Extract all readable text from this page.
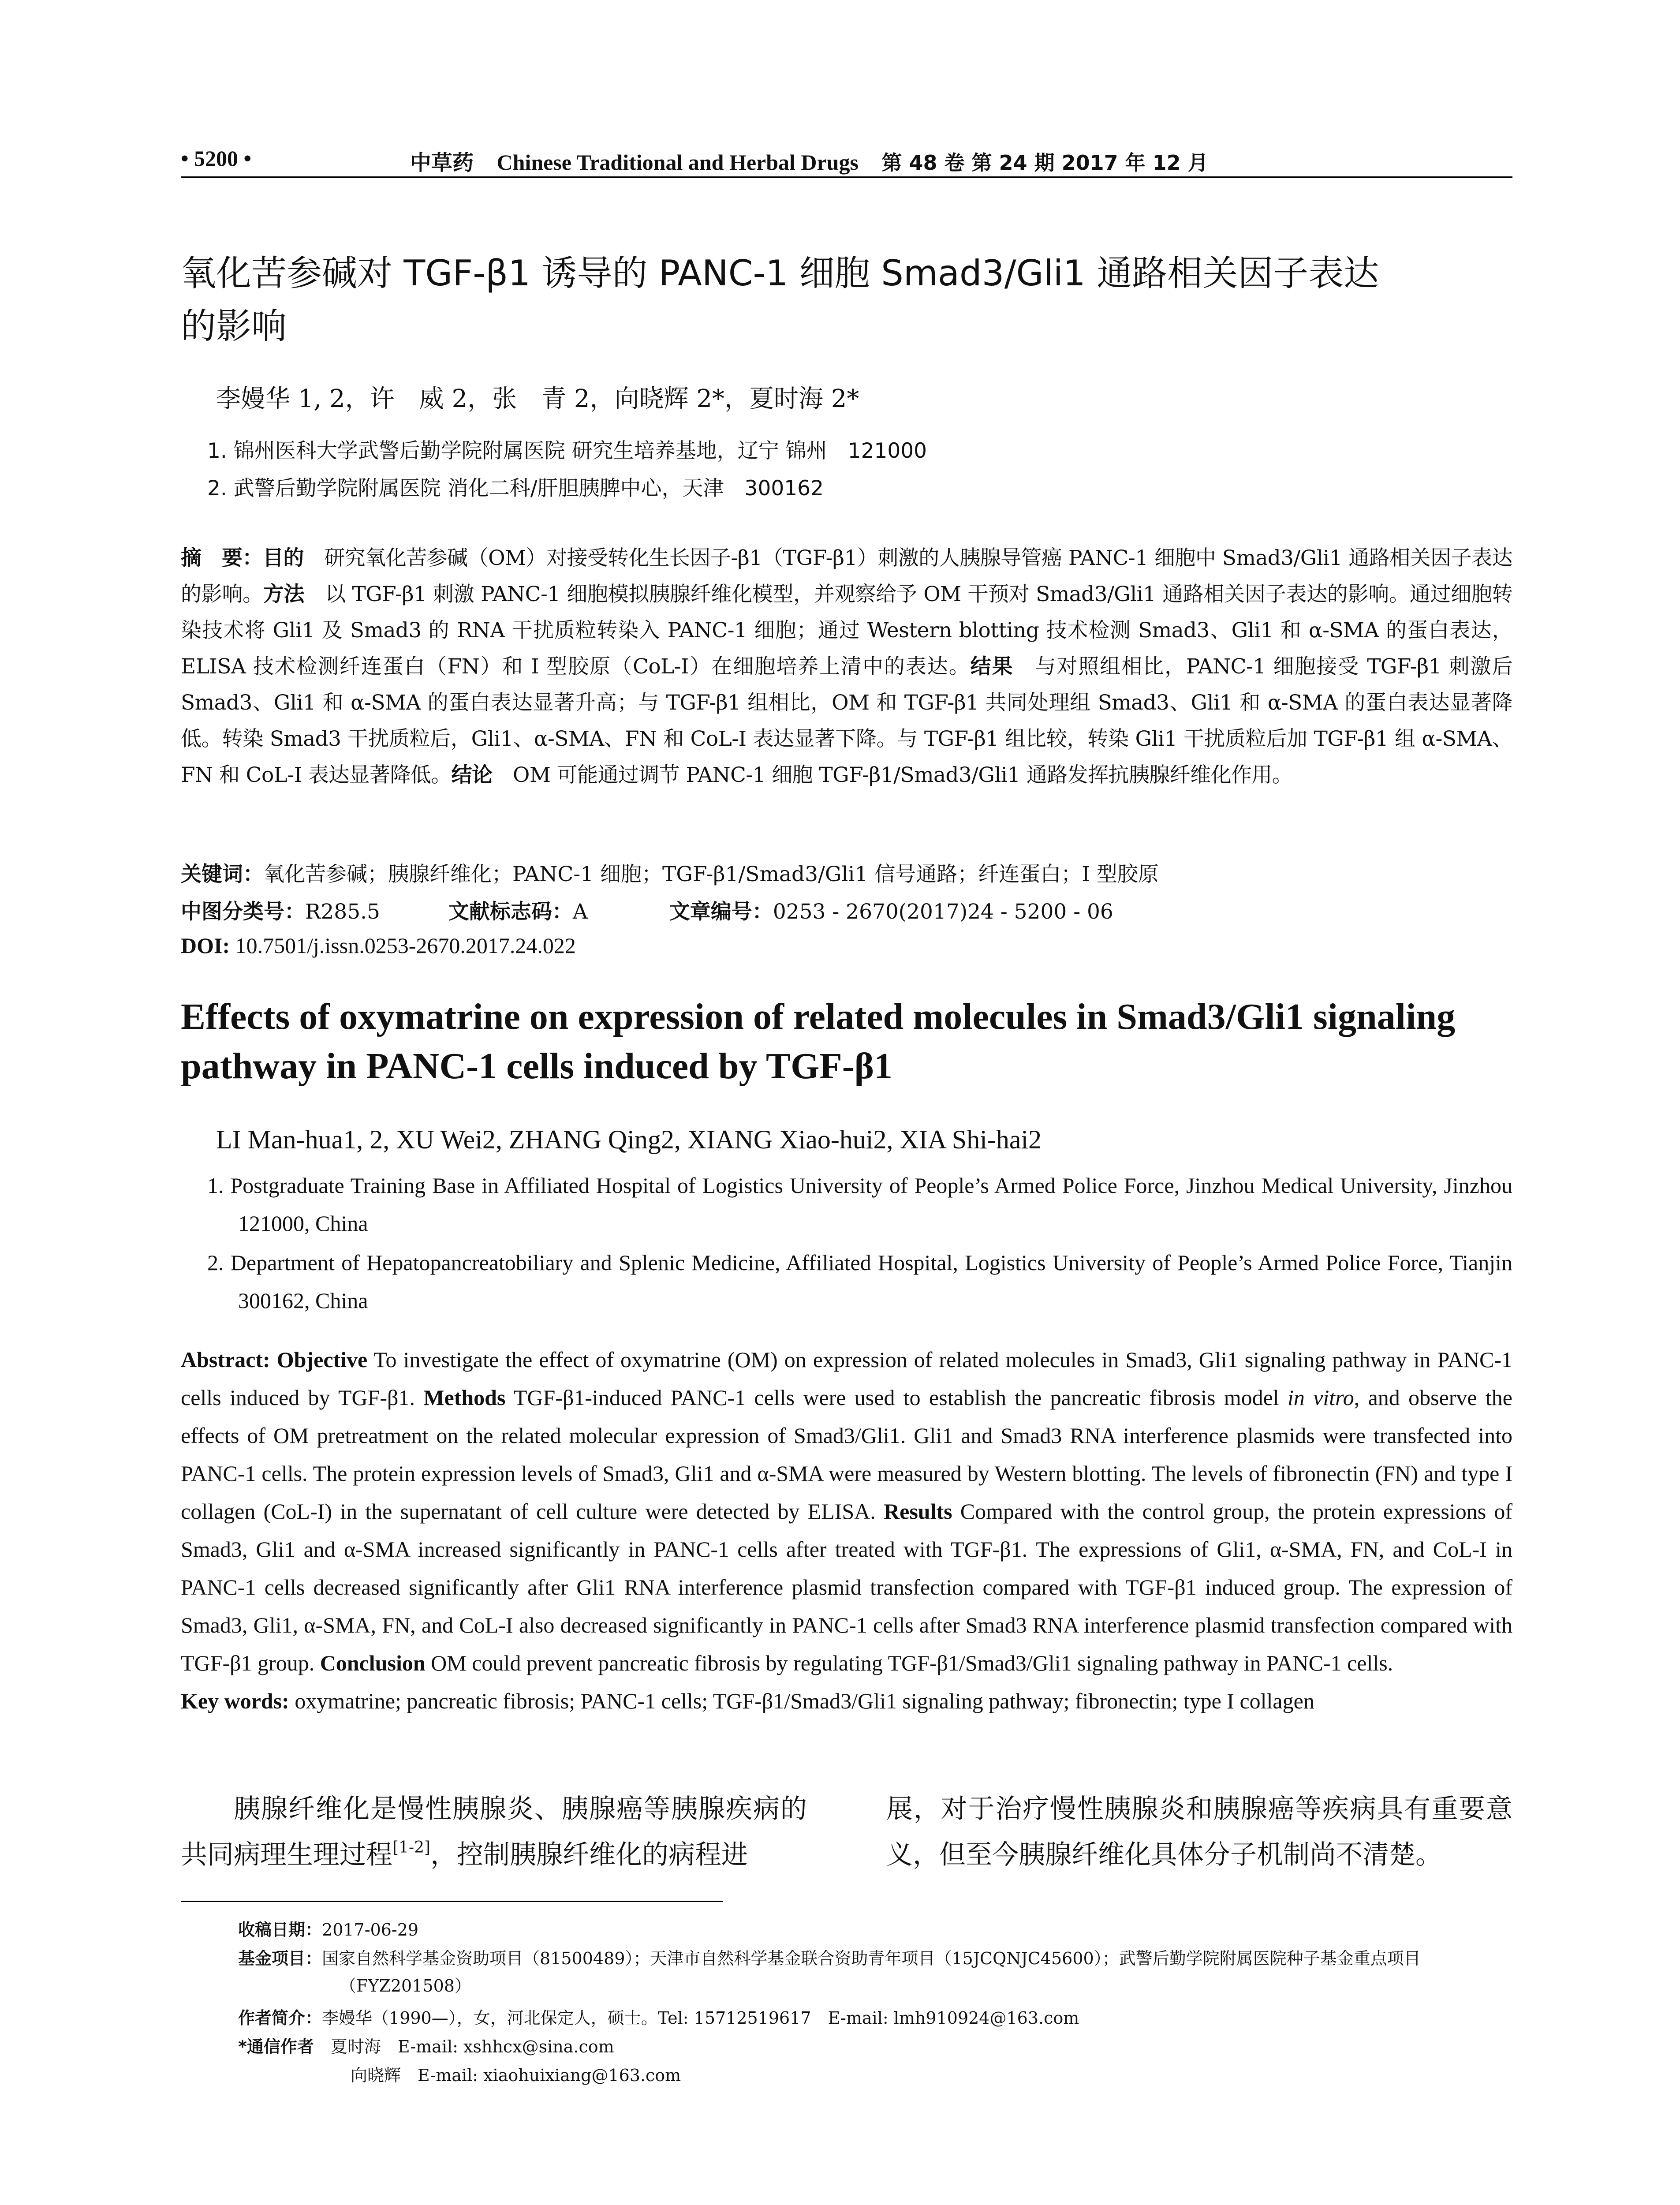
• 5200 •	中草药 Chinese Traditional and Herbal Drugs 第 48 卷 第 24 期 2017 年 12 月
氧化苦参碱对 TGF-β1 诱导的 PANC-1 细胞 Smad3/Gli1 通路相关因子表达
的影响
李嫚华 1, 2，许　威 2，张　青 2，向晓辉 2*，夏时海 2*
1. 锦州医科大学武警后勤学院附属医院 研究生培养基地，辽宁 锦州　121000
2. 武警后勤学院附属医院 消化二科/肝胆胰脾中心，天津　300162
摘　要：目的　研究氧化苦参碱（OM）对接受转化生长因子-β1（TGF-β1）刺激的人胰腺导管癌 PANC-1 细胞中 Smad3/Gli1 通路相关因子表达的影响。方法　以 TGF-β1 刺激 PANC-1 细胞模拟胰腺纤维化模型，并观察给予 OM 干预对 Smad3/Gli1 通路相关因子表达的影响。通过细胞转染技术将 Gli1 及 Smad3 的 RNA 干扰质粒转染入 PANC-1 细胞；通过 Western blotting 技术检测 Smad3、Gli1 和 α-SMA 的蛋白表达，ELISA 技术检测纤连蛋白（FN）和 I 型胶原（CoL-I）在细胞培养上清中的表达。结果　与对照组相比，PANC-1 细胞接受 TGF-β1 刺激后 Smad3、Gli1 和 α-SMA 的蛋白表达显著升高；与 TGF-β1 组相比，OM 和 TGF-β1 共同处理组 Smad3、Gli1 和 α-SMA 的蛋白表达显著降低。转染 Smad3 干扰质粒后，Gli1、α-SMA、FN 和 CoL-I 表达显著下降。与 TGF-β1 组比较，转染 Gli1 干扰质粒后加 TGF-β1 组 α-SMA、FN 和 CoL-I 表达显著降低。结论　OM 可能通过调节 PANC-1 细胞 TGF-β1/Smad3/Gli1 通路发挥抗胰腺纤维化作用。
关键词：氧化苦参碱；胰腺纤维化；PANC-1 细胞；TGF-β1/Smad3/Gli1 信号通路；纤连蛋白；I 型胶原
中图分类号：R285.5	文献标志码：A	文章编号：0253 - 2670(2017)24 - 5200 - 06
DOI: 10.7501/j.issn.0253-2670.2017.24.022
Effects of oxymatrine on expression of related molecules in Smad3/Gli1 signaling
pathway in PANC-1 cells induced by TGF-β1
LI Man-hua1, 2, XU Wei2, ZHANG Qing2, XIANG Xiao-hui2, XIA Shi-hai2
1. Postgraduate Training Base in Affiliated Hospital of Logistics University of People’s Armed Police Force, Jinzhou Medical University, Jinzhou 121000, China
2. Department of Hepatopancreatobiliary and Splenic Medicine, Affiliated Hospital, Logistics University of People’s Armed Police Force, Tianjin 300162, China
Abstract: Objective To investigate the effect of oxymatrine (OM) on expression of related molecules in Smad3, Gli1 signaling pathway in PANC-1 cells induced by TGF-β1. Methods TGF-β1-induced PANC-1 cells were used to establish the pancreatic fibrosis model in vitro, and observe the effects of OM pretreatment on the related molecular expression of Smad3/Gli1. Gli1 and Smad3 RNA interference plasmids were transfected into PANC-1 cells. The protein expression levels of Smad3, Gli1 and α-SMA were measured by Western blotting. The levels of fibronectin (FN) and type I collagen (CoL-I) in the supernatant of cell culture were detected by ELISA. Results Compared with the control group, the protein expressions of Smad3, Gli1 and α-SMA increased significantly in PANC-1 cells after treated with TGF-β1. The expressions of Gli1, α-SMA, FN, and CoL-I in PANC-1 cells decreased significantly after Gli1 RNA interference plasmid transfection compared with TGF-β1 induced group. The expression of Smad3, Gli1, α-SMA, FN, and CoL-I also decreased significantly in PANC-1 cells after Smad3 RNA interference plasmid transfection compared with TGF-β1 group. Conclusion OM could prevent pancreatic fibrosis by regulating TGF-β1/Smad3/Gli1 signaling pathway in PANC-1 cells.
Key words: oxymatrine; pancreatic fibrosis; PANC-1 cells; TGF-β1/Smad3/Gli1 signaling pathway; fibronectin; type I collagen
胰腺纤维化是慢性胰腺炎、胰腺癌等胰腺疾病的共同病理生理过程[1-2]，控制胰腺纤维化的病程进
展，对于治疗慢性胰腺炎和胰腺癌等疾病具有重要意义，但至今胰腺纤维化具体分子机制尚不清楚。
收稿日期：2017-06-29
基金项目：国家自然科学基金资助项目（81500489）；天津市自然科学基金联合资助青年项目（15JCQNJC45600）；武警后勤学院附属医院种子基金重点项目（FYZ201508）
作者简介：李嫚华（1990—），女，河北保定人，硕士。Tel: 15712519617　E-mail: lmh910924@163.com
*通信作者　夏时海　E-mail: xshhcx@sina.com
向晓辉　E-mail: xiaohuixiang@163.com
